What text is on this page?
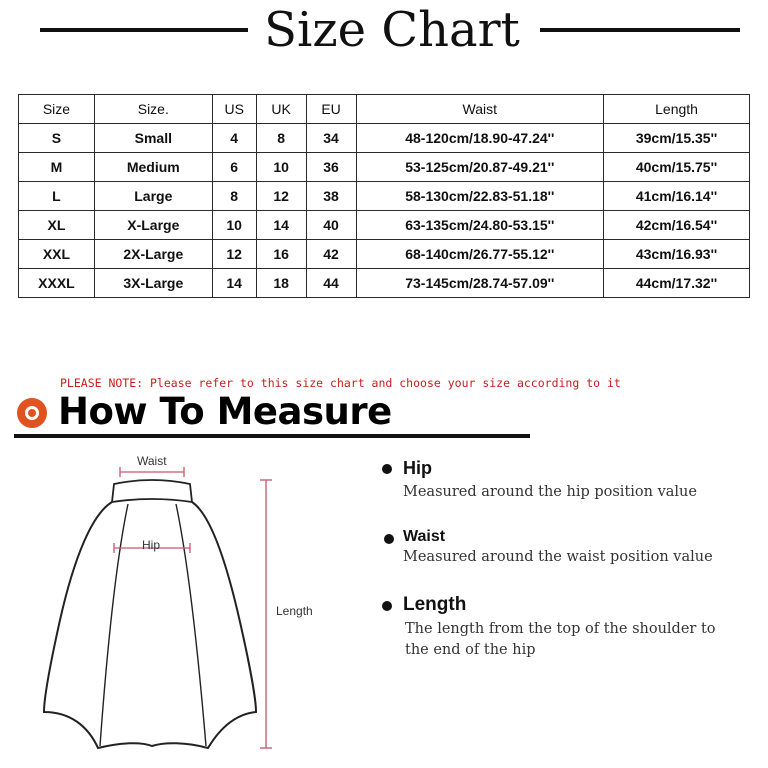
Size Chart
Size	Size.	US	UK	EU	Waist	Length
S	Small	4	8	34	48-120cm/18.90-47.24''	39cm/15.35''
M	Medium	6	10	36	53-125cm/20.87-49.21''	40cm/15.75''
L	Large	8	12	38	58-130cm/22.83-51.18''	41cm/16.14''
XL	X-Large	10	14	40	63-135cm/24.80-53.15''	42cm/16.54''
XXL	2X-Large	12	16	42	68-140cm/26.77-55.12''	43cm/16.93''
XXXL	3X-Large	14	18	44	73-145cm/28.74-57.09''	44cm/17.32''
PLEASE NOTE: Please refer to this size chart and choose your size according to it
How To Measure
Waist
Hip
Length
Hip
Measured around the hip position value
Waist
Measured around the waist position value
Length
The length from the top of the shoulder to
the end of the hip
